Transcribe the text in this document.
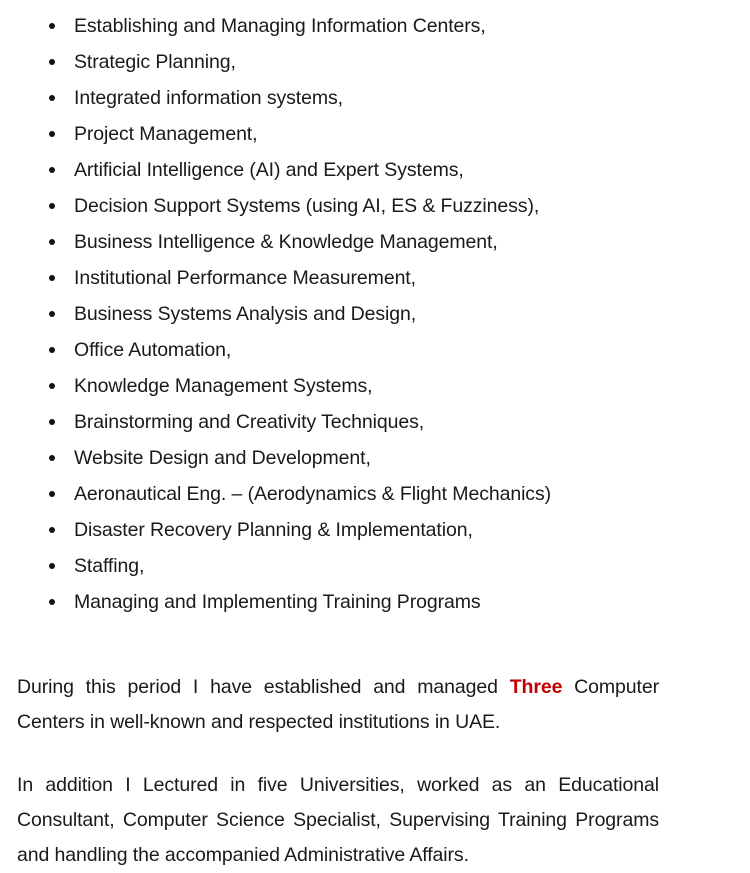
Establishing and Managing Information Centers,
Strategic Planning,
Integrated information systems,
Project Management,
Artificial Intelligence (AI) and Expert Systems,
Decision Support Systems (using AI, ES & Fuzziness),
Business Intelligence & Knowledge Management,
Institutional Performance Measurement,
Business Systems Analysis and Design,
Office Automation,
Knowledge Management Systems,
Brainstorming and Creativity Techniques,
Website Design and Development,
Aeronautical Eng. – (Aerodynamics & Flight Mechanics)
Disaster Recovery Planning & Implementation,
Staffing,
Managing and Implementing Training Programs

During this period I have established and managed Three Computer Centers in well-known and respected institutions in UAE.

In addition I Lectured in five Universities, worked as an Educational Consultant, Computer Science Specialist, Supervising Training Programs and handling the accompanied Administrative Affairs.
